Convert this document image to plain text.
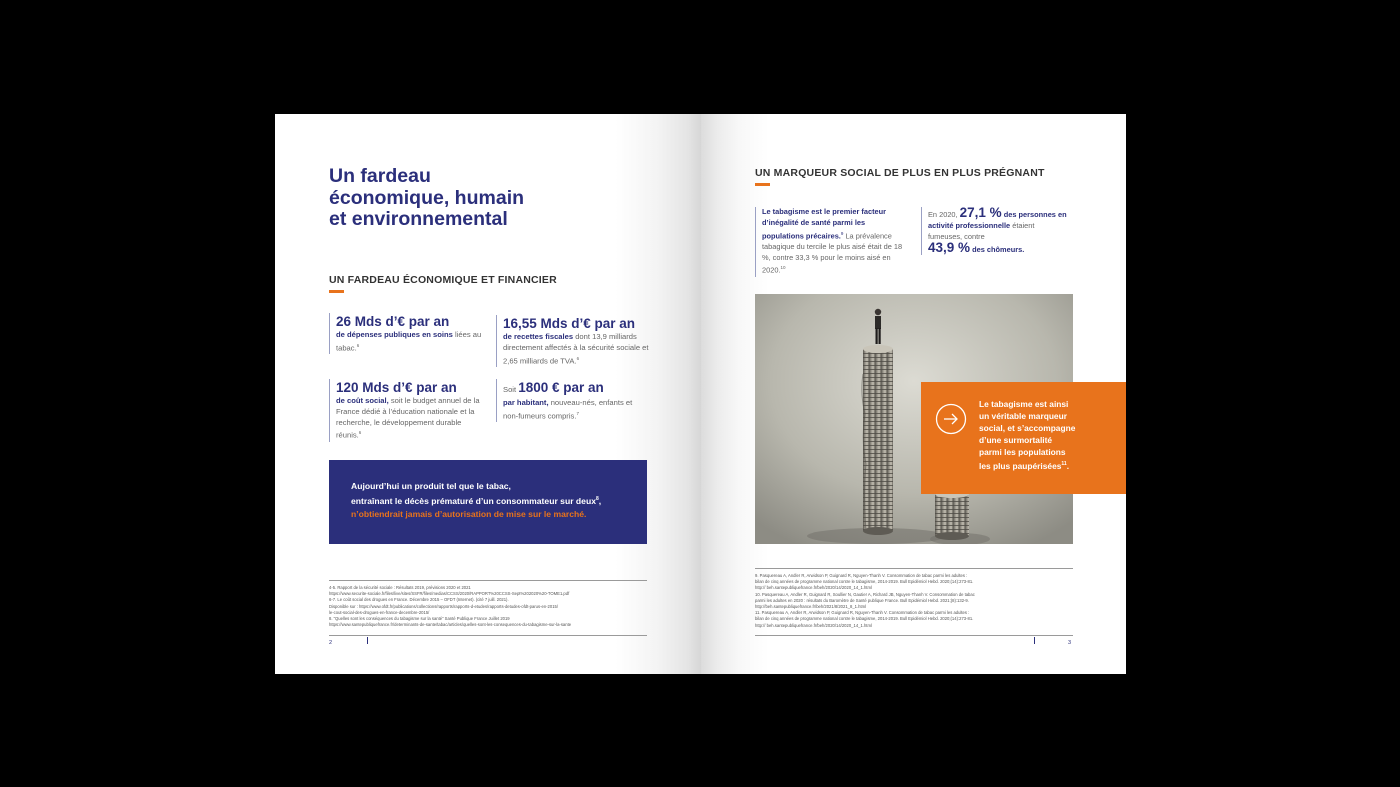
Un fardeau
économique, humain
et environnemental
UN FARDEAU ÉCONOMIQUE ET FINANCIER
26 Mds d’€ par an
de dépenses publiques en soins liées au tabac.$^6$
16,55 Mds d’€ par an
de recettes fiscales dont 13,9 milliards directement affectés à la sécurité sociale et 2,65 milliards de TVA.$^6$
120 Mds d’€ par an
de coût social, soit le budget annuel de la France dédié à l’éducation nationale et la recherche, le développement durable réunis.$^6$
Soit 1800 € par an
par habitant, nouveau-nés, enfants et non-fumeurs compris.$^7$

Aujourd’hui un produit tel que le tabac,
entraînant le décès prématuré d’un consommateur sur deux$^8$,
n’obtiendrait jamais d’autorisation de mise sur le marché.

4-5. Rapport de la sécurité sociale : Résultats 2019, prévisions 2020 et 2021
https://www.securite-sociale.fr/files/live/sites/SSFR/files/medias/CCSS/2020/RAPPORT%20CCSS-Sept%202020%20-TOME1.pdf
6-7. Le coût social des drogues en France. Décembre 2015 – OFDT (Internet). (cité 7 juill. 2021).
Disponible sur : https://www.ofdt.fr/publications/collections/rapports/rapports-d-etudes/rapports-detudes-ofdt-parus-en-2015/
le-cout-social-des-drogues-en-france-decembre-2015/
8. “Quelles sont les conséquences du tabagisme sur la santé” Santé Publique France Juillet 2019
https://www.santepubliquefrance.fr/determinants-de-sante/tabac/articles/quelles-sont-les-consequences-du-tabagisme-sur-la-sante
2
UN MARQUEUR SOCIAL DE PLUS EN PLUS PRÉGNANT
Le tabagisme est le premier facteur d’inégalité de santé parmi les populations précaires.$^9$ La prévalence tabagique du tercile le plus aisé était de 18 %, contre 33,3 % pour le moins aisé en 2020.10
En 2020, 27,1 % des personnes en activité professionnelle étaient fumeuses, contre
43,9 % des chômeurs.

Le tabagisme est ainsi
un véritable marqueur
social, et s’accompagne
d’une surmortalité
parmi les populations
les plus paupérisées$^{11}$.

9. Pasquereau A, Andler R, Arwidson P, Guignard R, Nguyen-Thanh V. Consommation de tabac parmi les adultes :
bilan de cinq années de programme national contre le tabagisme, 2014-2019. Bull Epidémiol Hebd. 2020;(14):273-81.
http:// beh.santepubliquefrance.fr/beh/2020/14/2020_14_1.html
10. Pasquereau A, Andler R, Guignard R, Soullier N, Gautier A, Richard JB, Nguyen-Thanh V. Consommation de tabac
parmi les adultes en 2020 : résultats du Baromètre de Santé publique France. Bull Epidémiol Hebd. 2021;(8):132-9.
http://beh.santepubliquefrance.fr/beh/2021/8/2021_8_1.html
11. Pasquereau A, Andler R, Arwidson P, Guignard R, Nguyen-Thanh V. Consommation de tabac parmi les adultes :
bilan de cinq années de programme national contre le tabagisme, 2014-2019. Bull Epidémiol Hebd. 2020;(14):273-81.
http:// beh.santepubliquefrance.fr/beh/2020/14/2020_14_1.html
3
